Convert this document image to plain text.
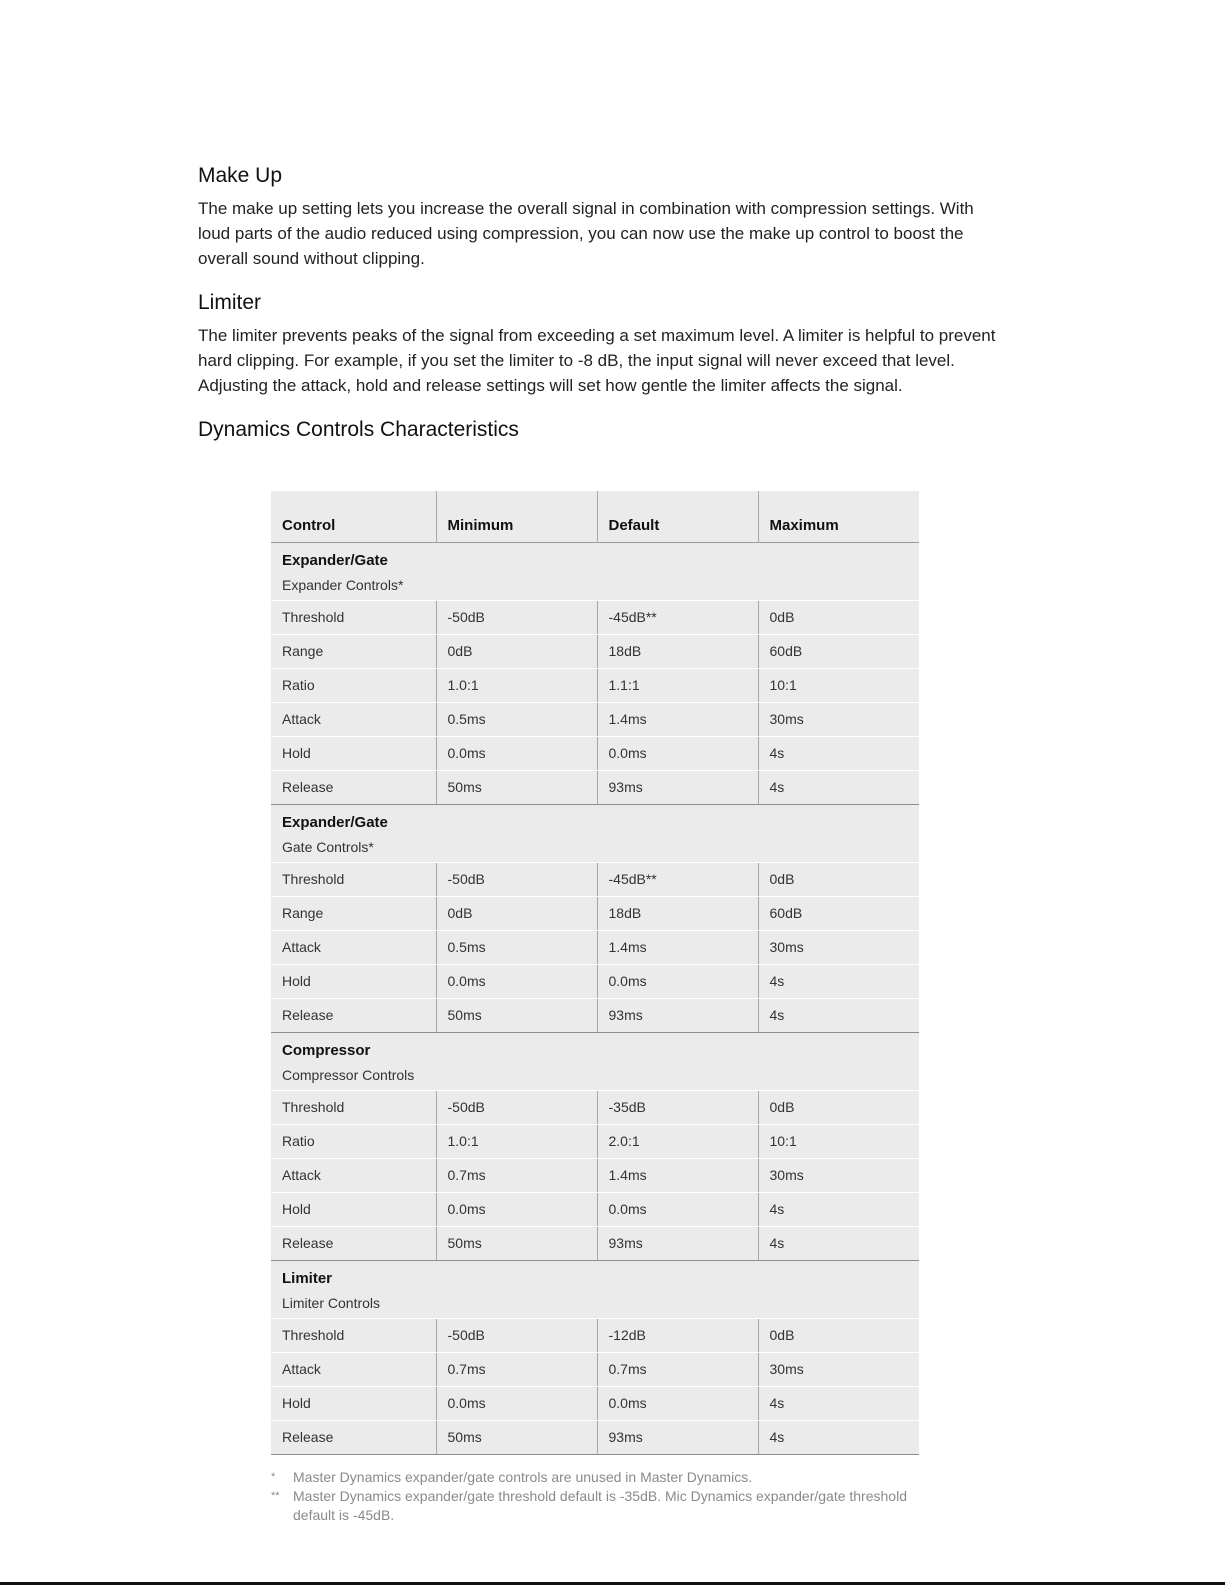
Make Up

The make up setting lets you increase the overall signal in combination with compression settings. With loud parts of the audio reduced using compression, you can now use the make up control to boost the overall sound without clipping.

Limiter

The limiter prevents peaks of the signal from exceeding a set maximum level. A limiter is helpful to prevent hard clipping. For example, if you set the limiter to -8 dB, the input signal will never exceed that level. Adjusting the attack, hold and release settings will set how gentle the limiter affects the signal.

Dynamics Controls Characteristics
Control	Minimum	Default	Maximum

Expander/Gate
Expander Controls*			

Threshold	-50dB	-45dB**	0dB
Range	0dB	18dB	60dB
Ratio	1.0:1	1.1:1	10:1
Attack	0.5ms	1.4ms	30ms
Hold	0.0ms	0.0ms	4s
Release	50ms	93ms	4s

Expander/Gate
Gate Controls*			

Threshold	-50dB	-45dB**	0dB
Range	0dB	18dB	60dB
Attack	0.5ms	1.4ms	30ms
Hold	0.0ms	0.0ms	4s
Release	50ms	93ms	4s

Compressor
Compressor Controls			

Threshold	-50dB	-35dB	0dB
Ratio	1.0:1	2.0:1	10:1
Attack	0.7ms	1.4ms	30ms
Hold	0.0ms	0.0ms	4s
Release	50ms	93ms	4s

Limiter
Limiter Controls			

Threshold	-50dB	-12dB	0dB
Attack	0.7ms	0.7ms	30ms
Hold	0.0ms	0.0ms	4s
Release	50ms	93ms	4s
*	Master Dynamics expander/gate controls are unused in Master Dynamics.
** Master Dynamics expander/gate threshold default is -35dB. Mic Dynamics expander/gate threshold default is -45dB.
